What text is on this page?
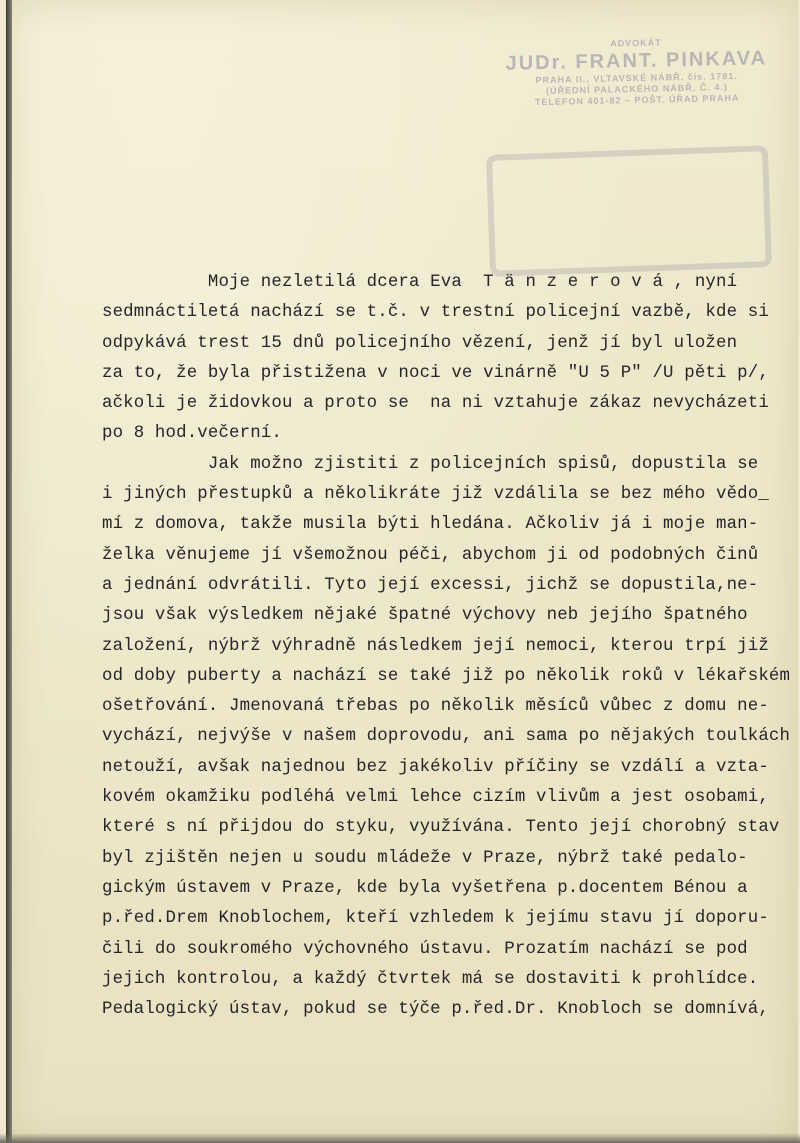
ADVOKÁT
JUDr. FRANT. PINKAVA
PRAHA II., VLTAVSKÉ NÁBŘ. čís. 1781.
(ÚŘEDNÍ PALACKÉHO NÁBŘ. Č. 4.)
TELEFON 401-82 – POŠT. ÚŘAD PRAHA
Moje nezletilá dcera Eva  T ä n z e r o v á , nyní
sedmnáctiletá nachází se t.č. v trestní policejní vazbě, kde si
odpykává trest 15 dnů policejního vězení, jenž jí byl uložen
za to, že byla přistižena v noci ve vinárně "U 5 P" /U pěti p/,
ačkoli je židovkou a proto se  na ni vztahuje zákaz nevycházeti
po 8 hod.večerní.
Jak možno zjistiti z policejních spisů, dopustila se
i jiných přestupků a několikráte již vzdálila se bez mého vědo_
mí z domova, takže musila býti hledána. Ačkoliv já i moje man-
želka věnujeme jí všemožnou péči, abychom ji od podobných činů
a jednání odvrátili. Tyto její excessi, jichž se dopustila,ne-
jsou však výsledkem nějaké špatné výchovy neb jejího špatného
založení, nýbrž výhradně následkem její nemoci, kterou trpí již
od doby puberty a nachází se také již po několik roků v lékařském
ošetřování. Jmenovaná třebas po několik měsíců vůbec z domu ne-
vychází, nejvýše v našem doprovodu, ani sama po nějakých toulkách
netouží, avšak najednou bez jakékoliv příčiny se vzdálí a vzta-
kovém okamžiku podléhá velmi lehce cizím vlivům a jest osobami,
které s ní přijdou do styku, využívána. Tento její chorobný stav
byl zjištěn nejen u soudu mládeže v Praze, nýbrž také pedalo-
gickým ústavem v Praze, kde byla vyšetřena p.docentem Bénou a
p.řed.Drem Knoblochem, kteří vzhledem k jejímu stavu jí doporu-
čili do soukromého výchovného ústavu. Prozatím nachází se pod
jejich kontrolou, a každý čtvrtek má se dostaviti k prohlídce.
Pedalogický ústav, pokud se týče p.řed.Dr. Knobloch se domnívá,
